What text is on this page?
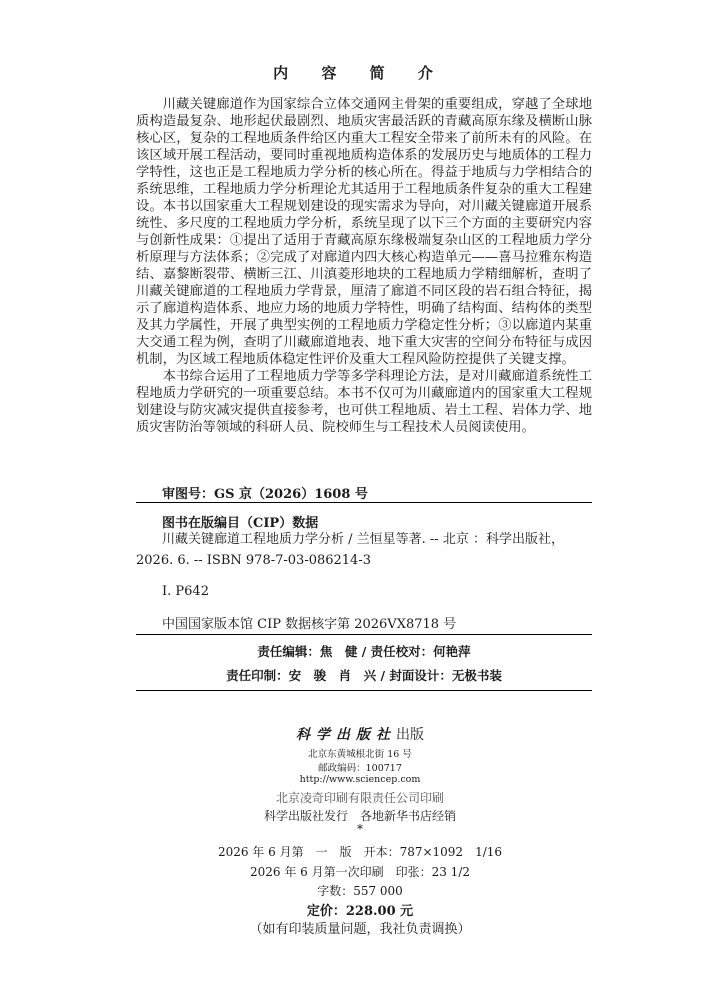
内 容 简 介

川藏关键廊道作为国家综合立体交通网主骨架的重要组成，穿越了全球地质构造最复杂、地形起伏最剧烈、地质灾害最活跃的青藏高原东缘及横断山脉核心区，复杂的工程地质条件给区内重大工程安全带来了前所未有的风险。在该区域开展工程活动，要同时重视地质构造体系的发展历史与地质体的工程力学特性，这也正是工程地质力学分析的核心所在。得益于地质与力学相结合的系统思维，工程地质力学分析理论尤其适用于工程地质条件复杂的重大工程建设。本书以国家重大工程规划建设的现实需求为导向，对川藏关键廊道开展系统性、多尺度的工程地质力学分析，系统呈现了以下三个方面的主要研究内容与创新性成果：①提出了适用于青藏高原东缘极端复杂山区的工程地质力学分析原理与方法体系；②完成了对廊道内四大核心构造单元——喜马拉雅东构造结、嘉黎断裂带、横断三江、川滇菱形地块的工程地质力学精细解析，查明了川藏关键廊道的工程地质力学背景，厘清了廊道不同区段的岩石组合特征，揭示了廊道构造体系、地应力场的地质力学特性，明确了结构面、结构体的类型及其力学属性，开展了典型实例的工程地质力学稳定性分析；③以廊道内某重大交通工程为例，查明了川藏廊道地表、地下重大灾害的空间分布特征与成因机制，为区域工程地质体稳定性评价及重大工程风险防控提供了关键支撑。

本书综合运用了工程地质力学等多学科理论方法，是对川藏廊道系统性工程地质力学研究的一项重要总结。本书不仅可为川藏廊道内的国家重大工程规划建设与防灾减灾提供直接参考，也可供工程地质、岩土工程、岩体力学、地质灾害防治等领域的科研人员、院校师生与工程技术人员阅读使用。

审图号：GS 京（2026）1608 号
图书在版编目（CIP）数据

川藏关键廊道工程地质力学分析 / 兰恒星等著. -- 北京 ：科学出版社，2026. 6. -- ISBN 978-7-03-086214-3

Ⅰ. P642
中国国家版本馆 CIP 数据核字第 2026VX8718 号
责任编辑：焦　健 / 责任校对：何艳萍
责任印制：安　骏　肖　兴 / 封面设计：无极书装
科学出版社出版
北京东黄城根北街 16 号
邮政编码：100717
http://www.sciencep.com
北京凌奇印刷有限责任公司印刷
科学出版社发行　各地新华书店经销
*
2026 年 6 月第　一　版　开本：787×1092　1/16
2026 年 6 月第一次印刷　印张：23 1/2
字数：557 000
定价：228.00 元
（如有印装质量问题，我社负责调换）
